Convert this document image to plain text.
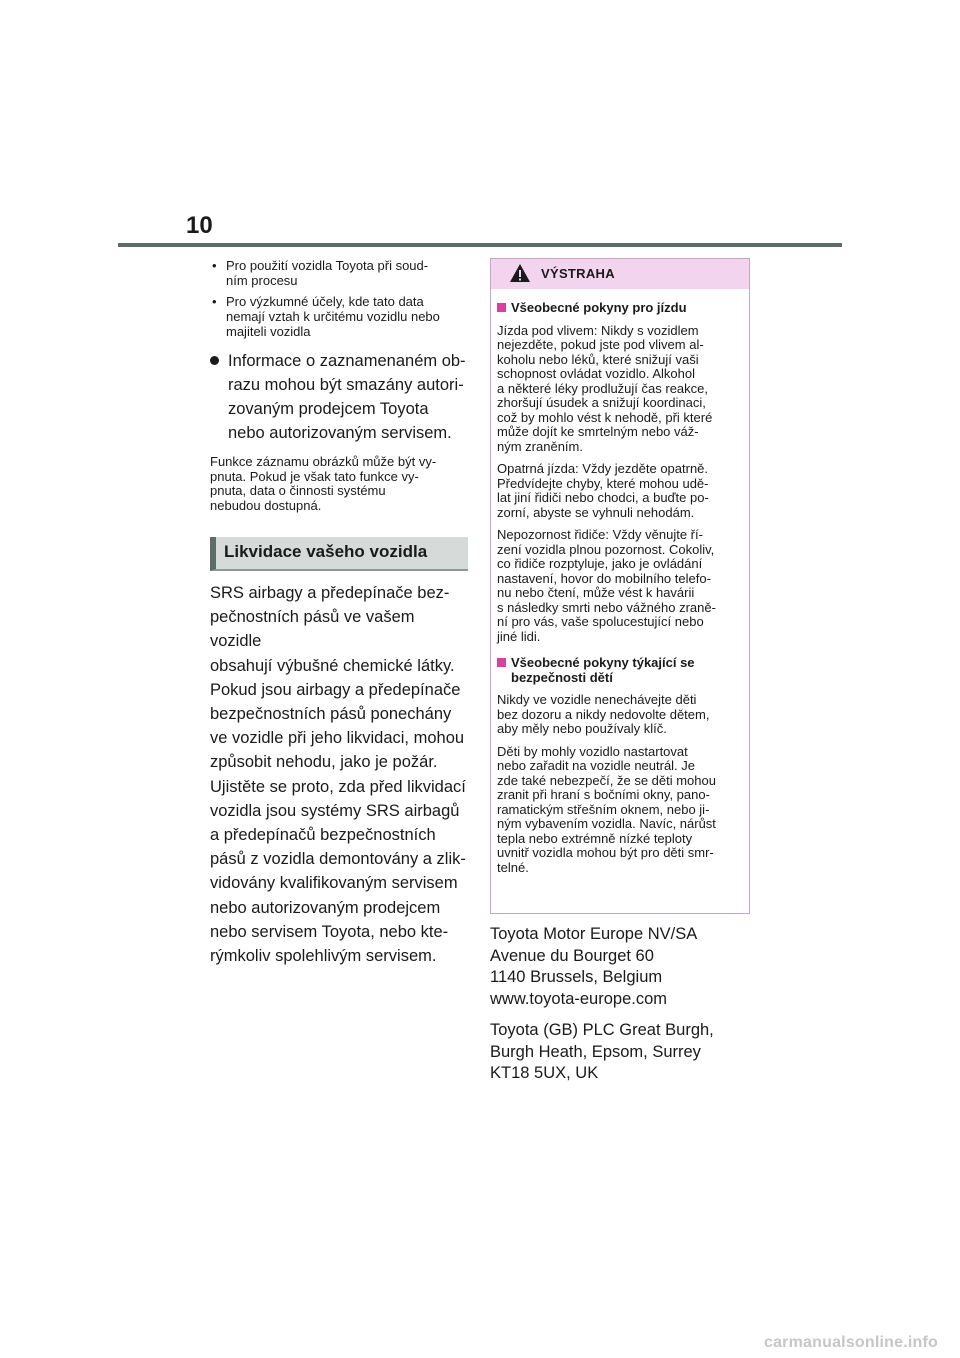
10
• Pro použití vozidla Toyota při soud-
ním procesu
• Pro výzkumné účely, kde tato data
nemají vztah k určitému vozidlu nebo
majiteli vozidla
Informace o zaznamenaném ob-
razu mohou být smazány autori-
zovaným prodejcem Toyota
nebo autorizovaným servisem.
Funkce záznamu obrázků může být vy-
pnuta. Pokud je však tato funkce vy-
pnuta, data o činnosti systému
nebudou dostupná.
Likvidace vašeho vozidla
SRS airbagy a předepínače bez-
pečnostních pásů ve vašem vozidle
obsahují výbušné chemické látky.
Pokud jsou airbagy a předepínače
bezpečnostních pásů ponechány
ve vozidle při jeho likvidaci, mohou
způsobit nehodu, jako je požár.
Ujistěte se proto, zda před likvidací
vozidla jsou systémy SRS airbagů
a předepínačů bezpečnostních
pásů z vozidla demontovány a zlik-
vidovány kvalifikovaným servisem
nebo autorizovaným prodejcem
nebo servisem Toyota, nebo kte-
rýmkoliv spolehlivým servisem.
VÝSTRAHA
Všeobecné pokyny pro jízdu
Jízda pod vlivem: Nikdy s vozidlem
nejezděte, pokud jste pod vlivem al-
koholu nebo léků, které snižují vaši
schopnost ovládat vozidlo. Alkohol
a některé léky prodlužují čas reakce,
zhoršují úsudek a snižují koordinaci,
což by mohlo vést k nehodě, při které
může dojít ke smrtelným nebo váž-
ným zraněním.
Opatrná jízda: Vždy jezděte opatrně.
Předvídejte chyby, které mohou udě-
lat jiní řidiči nebo chodci, a buďte po-
zorní, abyste se vyhnuli nehodám.
Nepozornost řidiče: Vždy věnujte ří-
zení vozidla plnou pozornost. Cokoliv,
co řidiče rozptyluje, jako je ovládání
nastavení, hovor do mobilního telefo-
nu nebo čtení, může vést k havárii
s následky smrti nebo vážného zraně-
ní pro vás, vaše spolucestující nebo
jiné lidi.
Všeobecné pokyny týkající se
bezpečnosti dětí
Nikdy ve vozidle nenechávejte děti
bez dozoru a nikdy nedovolte dětem,
aby měly nebo používaly klíč.
Děti by mohly vozidlo nastartovat
nebo zařadit na vozidle neutrál. Je
zde také nebezpečí, že se děti mohou
zranit při hraní s bočními okny, pano-
ramatickým střešním oknem, nebo ji-
ným vybavením vozidla. Navíc, nárůst
tepla nebo extrémně nízké teploty
uvnitř vozidla mohou být pro děti smr-
telné.

Toyota Motor Europe NV/SA

Avenue du Bourget 60

1140 Brussels, Belgium

www.toyota-europe.com

Toyota (GB) PLC Great Burgh,

Burgh Heath, Epsom, Surrey

KT18 5UX, UK

carmanualsonline.info
